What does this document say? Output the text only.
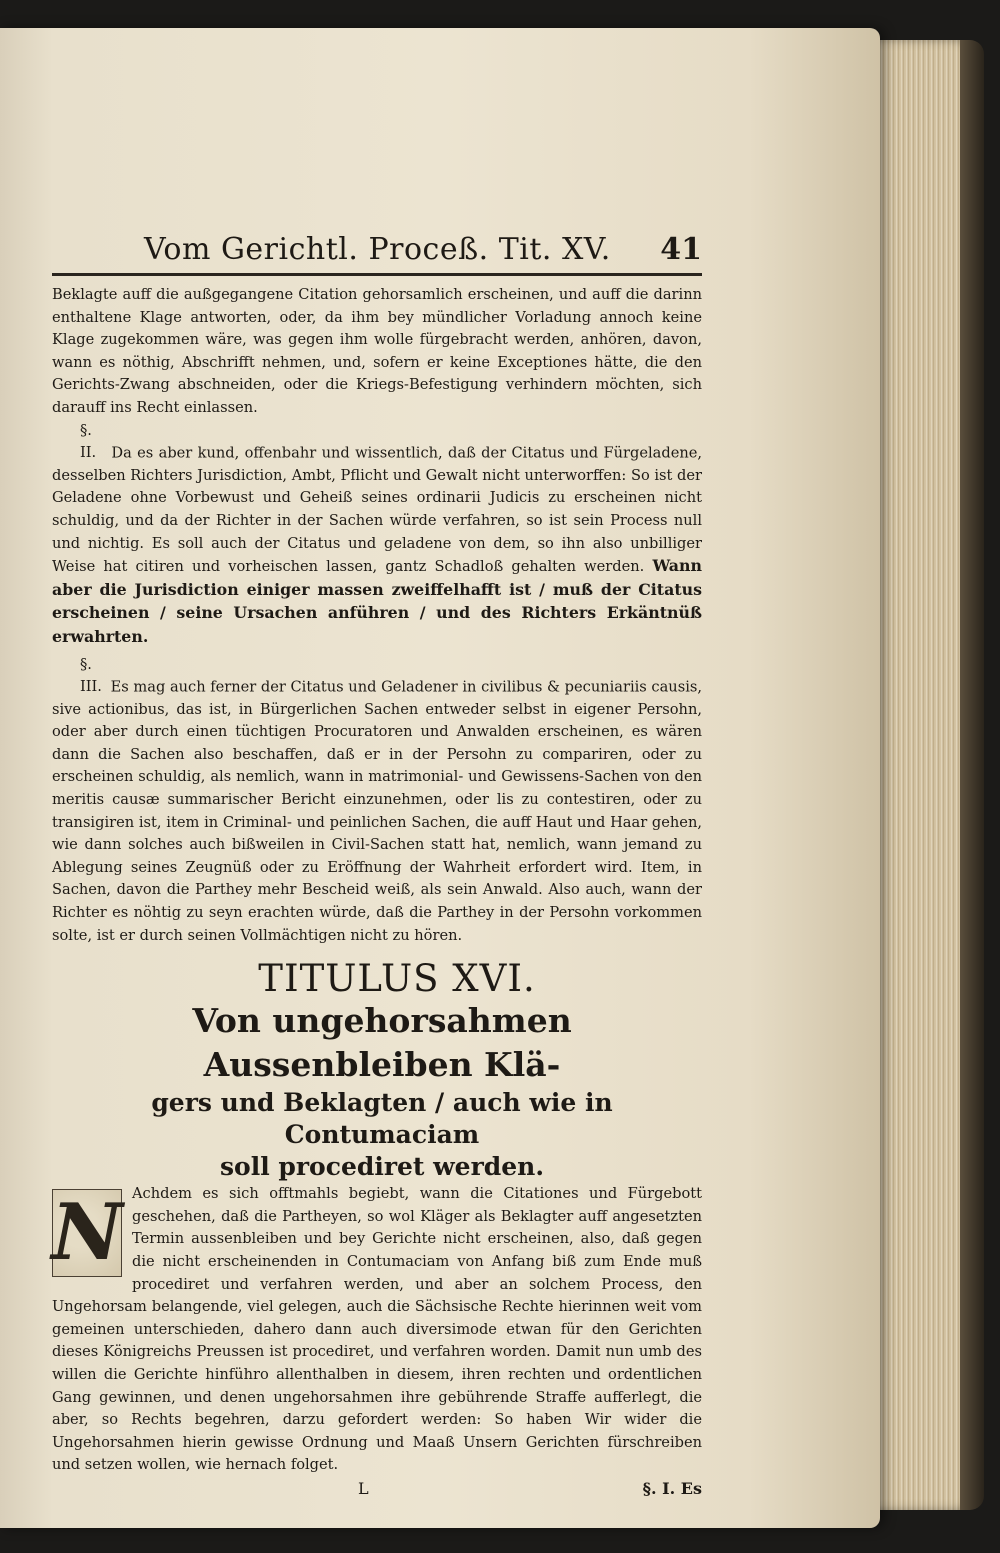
Vom Gerichtl. Proceß. Tit. XV. 41

Beklagte auff die außgegangene Citation gehorsamlich erscheinen, und auff die darinn enthaltene Klage antworten, oder, da ihm bey mündlicher Vorladung annoch keine Klage zugekommen wäre, was gegen ihm wolle fürgebracht werden, anhören, davon, wann es nöthig, Abschrifft nehmen, und, sofern er keine Exceptiones hätte, die den Gerichts-Zwang abschneiden, oder die Kriegs-Befestigung verhindern möchten, sich darauff ins Recht einlassen.

§. II. Da es aber kund, offenbahr und wissentlich, daß der Citatus und Fürgeladene, desselben Richters Jurisdiction, Ambt, Pflicht und Gewalt nicht unterworffen: So ist der Geladene ohne Vorbewust und Geheiß seines ordinarii Judicis zu erscheinen nicht schuldig, und da der Richter in der Sachen würde verfahren, so ist sein Process null und nichtig. Es soll auch der Citatus und geladene von dem, so ihn also unbilliger Weise hat citiren und vorheischen lassen, gantz Schadloß gehalten werden. Wann aber die Jurisdiction einiger massen zweiffelhafft ist / muß der Citatus erscheinen / seine Ursachen anführen / und des Richters Erkäntnüß erwahrten.

§. III. Es mag auch ferner der Citatus und Geladener in civilibus & pecuniariis causis, sive actionibus, das ist, in Bürgerlichen Sachen entweder selbst in eigener Persohn, oder aber durch einen tüchtigen Procuratoren und Anwalden erscheinen, es wären dann die Sachen also beschaffen, daß er in der Persohn zu compariren, oder zu erscheinen schuldig, als nemlich, wann in matrimonial- und Gewissens-Sachen von den meritis causæ summarischer Bericht einzunehmen, oder lis zu contestiren, oder zu transigiren ist, item in Criminal- und peinlichen Sachen, die auff Haut und Haar gehen, wie dann solches auch bißweilen in Civil-Sachen statt hat, nemlich, wann jemand zu Ablegung seines Zeugnüß oder zu Eröffnung der Wahrheit erfordert wird. Item, in Sachen, davon die Parthey mehr Bescheid weiß, als sein Anwald. Also auch, wann der Richter es nöhtig zu seyn erachten würde, daß die Parthey in der Persohn vorkommen solte, ist er durch seinen Vollmächtigen nicht zu hören.

TITULUS XVI.
Von ungehorsahmen Aussenbleiben Klä-
gers und Beklagten / auch wie in Contumaciam
soll procediret werden.
N Achdem es sich offtmahls begiebt, wann die Citationes und Fürgebott geschehen, daß die Partheyen, so wol Kläger als Beklagter auff angesetzten Termin aussenbleiben und bey Gerichte nicht erscheinen, also, daß gegen die nicht erscheinenden in Contumaciam von Anfang biß zum Ende muß procediret und verfahren werden, und aber an solchem Process, den Ungehorsam belangende, viel gelegen, auch die Sächsische Rechte hierinnen weit vom gemeinen unterschieden, dahero dann auch diversimode etwan für den Gerichten dieses Königreichs Preussen ist procediret, und verfahren worden. Damit nun umb des willen die Gerichte hinführo allenthalben in diesem, ihren rechten und ordentlichen Gang gewinnen, und denen ungehorsahmen ihre gebührende Straffe aufferlegt, die aber, so Rechts begehren, darzu gefordert werden: So haben Wir wider die Ungehorsahmen hierin gewisse Ordnung und Maaß Unsern Gerichten fürschreiben und setzen wollen, wie hernach folget.

L	§. I. Es
